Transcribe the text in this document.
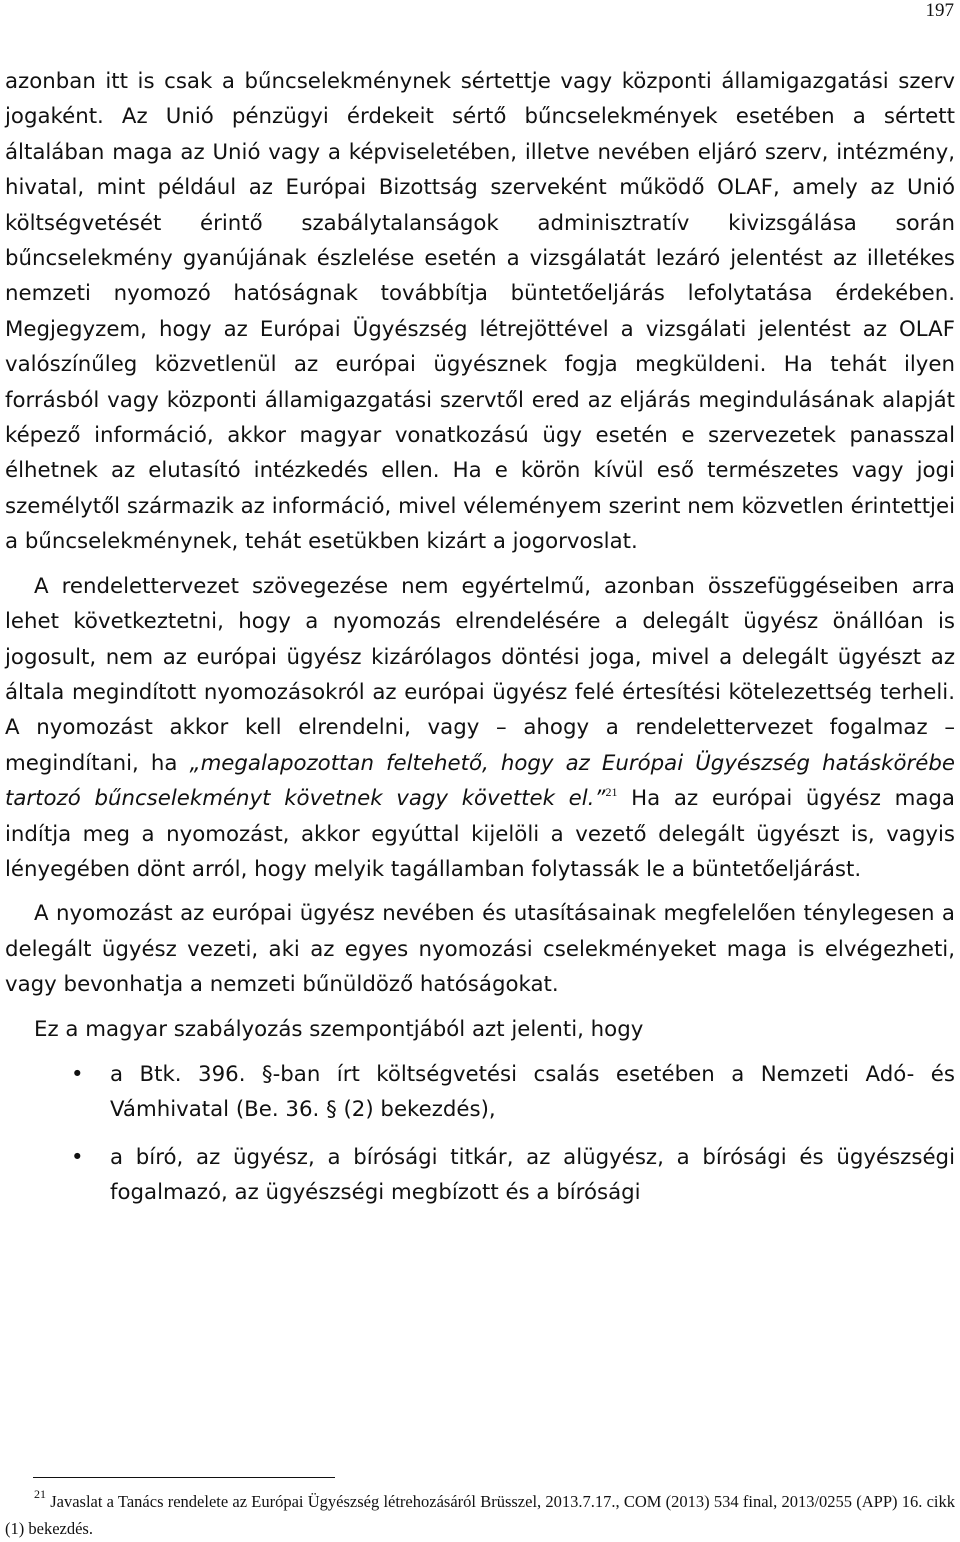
197

azonban itt is csak a bűncselekménynek sértettje vagy központi államigazgatási szerv jogaként. Az Unió pénzügyi érdekeit sértő bűncselekmények esetében a sértett általában maga az Unió vagy a képviseletében, illetve nevében eljáró szerv, intézmény, hivatal, mint például az Európai Bizottság szerveként működő OLAF, amely az Unió költségvetését érintő szabálytalanságok adminisztratív kivizsgálása során bűncselekmény gyanújának észlelése esetén a vizsgálatát lezáró jelentést az illetékes nemzeti nyomozó hatóságnak továbbítja büntetőeljárás lefolytatása érdekében. Megjegyzem, hogy az Európai Ügyészség létrejöttével a vizsgálati jelentést az OLAF valószínűleg közvetlenül az európai ügyésznek fogja megküldeni. Ha tehát ilyen forrásból vagy központi államigazgatási szervtől ered az eljárás megindulásának alapját képező információ, akkor magyar vonatkozású ügy esetén e szervezetek panasszal élhetnek az elutasító intézkedés ellen. Ha e körön kívül eső természetes vagy jogi személytől származik az információ, mivel véleményem szerint nem közvetlen érintettjei a bűncselekménynek, tehát esetükben kizárt a jogorvoslat.

A rendelettervezet szövegezése nem egyértelmű, azonban összefüggéseiben arra lehet következtetni, hogy a nyomozás elrendelésére a delegált ügyész önállóan is jogosult, nem az európai ügyész kizárólagos döntési joga, mivel a delegált ügyészt az általa megindított nyomozásokról az európai ügyész felé értesítési kötelezettség terheli. A nyomozást akkor kell elrendelni, vagy – ahogy a rendelettervezet fogalmaz – megindítani, ha „megalapozottan feltehető, hogy az Európai Ügyészség hatáskörébe tartozó bűncselekményt követnek vagy követtek el.”$^{21}$ Ha az európai ügyész maga indítja meg a nyomozást, akkor egyúttal kijelöli a vezető delegált ügyészt is, vagyis lényegében dönt arról, hogy melyik tagállamban folytassák le a büntetőeljárást.

A nyomozást az európai ügyész nevében és utasításainak megfelelően ténylegesen a delegált ügyész vezeti, aki az egyes nyomozási cselekményeket maga is elvégezheti, vagy bevonhatja a nemzeti bűnüldöző hatóságokat.

Ez a magyar szabályozás szempontjából azt jelenti, hogy

• a Btk. 396. §-ban írt költségvetési csalás esetében a Nemzeti Adó- és Vámhivatal (Be. 36. § (2) bekezdés),
• a bíró, az ügyész, a bírósági titkár, az alügyész, a bírósági és ügyészségi fogalmazó, az ügyészségi megbízott és a bírósági
$^{21}$ Javaslat a Tanács rendelete az Európai Ügyészség létrehozásáról Brüsszel, 2013.7.17., COM (2013) 534 final, 2013/0255 (APP) 16. cikk (1) bekezdés.
